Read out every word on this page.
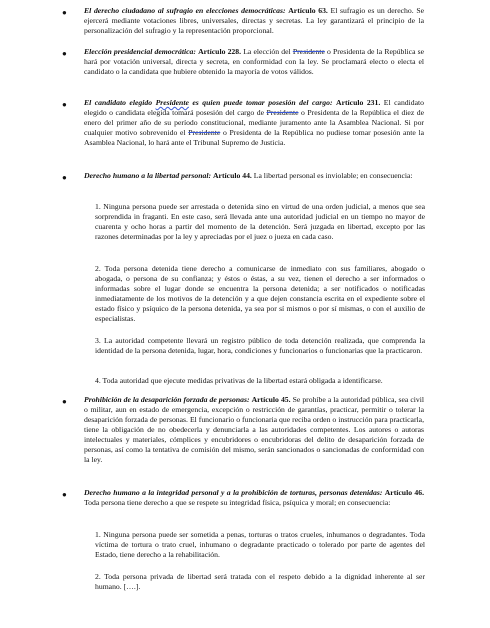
● El derecho ciudadano al sufragio en elecciones democráticas: Artículo 63. El sufragio es un derecho. Se ejercerá mediante votaciones libres, universales, directas y secretas. La ley garantizará el principio de la personalización del sufragio y la representación proporcional.

● Elección presidencial democrática: Artículo 228. La elección del Presidente o Presidenta de la República se hará por votación universal, directa y secreta, en conformidad con la ley. Se proclamará electo o electa el candidato o la candidata que hubiere obtenido la mayoría de votos válidos.

● El candidato elegido Presidente es quien puede tomar posesión del cargo: Artículo 231. El candidato elegido o candidata elegida tomará posesión del cargo de Presidente o Presidenta de la República el diez de enero del primer año de su período constitucional, mediante juramento ante la Asamblea Nacional. Si por cualquier motivo sobrevenido el Presidente o Presidenta de la República no pudiese tomar posesión ante la Asamblea Nacional, lo hará ante el Tribunal Supremo de Justicia.

● Derecho humano a la libertad personal: Artículo 44. La libertad personal es inviolable; en consecuencia:

1. Ninguna persona puede ser arrestada o detenida sino en virtud de una orden judicial, a menos que sea sorprendida in fraganti. En este caso, será llevada ante una autoridad judicial en un tiempo no mayor de cuarenta y ocho horas a partir del momento de la detención. Será juzgada en libertad, excepto por las razones determinadas por la ley y apreciadas por el juez o jueza en cada caso.

2. Toda persona detenida tiene derecho a comunicarse de inmediato con sus familiares, abogado o abogada, o persona de su confianza; y éstos o éstas, a su vez, tienen el derecho a ser informados o informadas sobre el lugar donde se encuentra la persona detenida; a ser notificados o notificadas inmediatamente de los motivos de la detención y a que dejen constancia escrita en el expediente sobre el estado físico y psíquico de la persona detenida, ya sea por sí mismos o por sí mismas, o con el auxilio de especialistas.

3. La autoridad competente llevará un registro público de toda detención realizada, que comprenda la identidad de la persona detenida, lugar, hora, condiciones y funcionarios o funcionarias que la practicaron.

4. Toda autoridad que ejecute medidas privativas de la libertad estará obligada a identificarse.

● Prohibición de la desaparición forzada de personas: Artículo 45. Se prohíbe a la autoridad pública, sea civil o militar, aun en estado de emergencia, excepción o restricción de garantías, practicar, permitir o tolerar la desaparición forzada de personas. El funcionario o funcionaria que reciba orden o instrucción para practicarla, tiene la obligación de no obedecerla y denunciarla a las autoridades competentes. Los autores o autoras intelectuales y materiales, cómplices y encubridores o encubridoras del delito de desaparición forzada de personas, así como la tentativa de comisión del mismo, serán sancionados o sancionadas de conformidad con la ley.

● Derecho humano a la integridad personal y a la prohibición de torturas, personas detenidas: Artículo 46. Toda persona tiene derecho a que se respete su integridad física, psíquica y moral; en consecuencia:

1. Ninguna persona puede ser sometida a penas, torturas o tratos crueles, inhumanos o degradantes. Toda víctima de tortura o trato cruel, inhumano o degradante practicado o tolerado por parte de agentes del Estado, tiene derecho a la rehabilitación.

2. Toda persona privada de libertad será tratada con el respeto debido a la dignidad inherente al ser humano. [….].
